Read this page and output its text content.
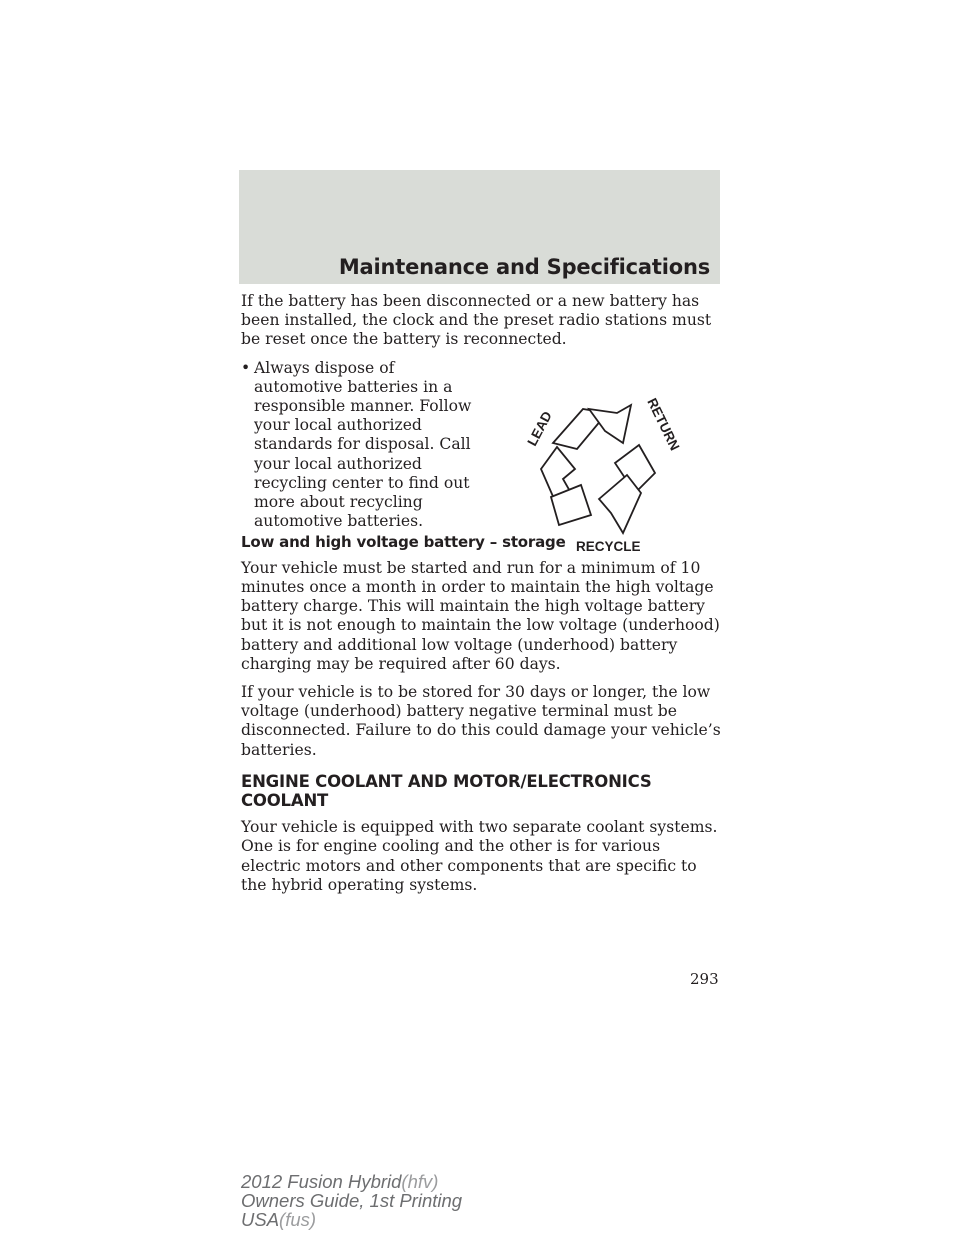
Maintenance and Specifications

If the battery has been disconnected or a new battery has been installed, the clock and the preset radio stations must be reset once the battery is reconnected.

• Always dispose of automotive batteries in a responsible manner. Follow your local authorized standards for disposal. Call your local authorized recycling center to find out more about recycling automotive batteries.
LEAD	RETURN
RECYCLE
Low and high voltage battery – storage

Your vehicle must be started and run for a minimum of 10 minutes once a month in order to maintain the high voltage battery charge. This will maintain the high voltage battery but it is not enough to maintain the low voltage (underhood) battery and additional low voltage (underhood) battery charging may be required after 60 days.

If your vehicle is to be stored for 30 days or longer, the low voltage (underhood) battery negative terminal must be disconnected. Failure to do this could damage your vehicle’s batteries.

ENGINE COOLANT AND MOTOR/ELECTRONICS COOLANT

Your vehicle is equipped with two separate coolant systems. One is for engine cooling and the other is for various electric motors and other components that are specific to the hybrid operating systems.

293
2012 Fusion Hybrid(hfv)
Owners Guide, 1st Printing
USA(fus)
